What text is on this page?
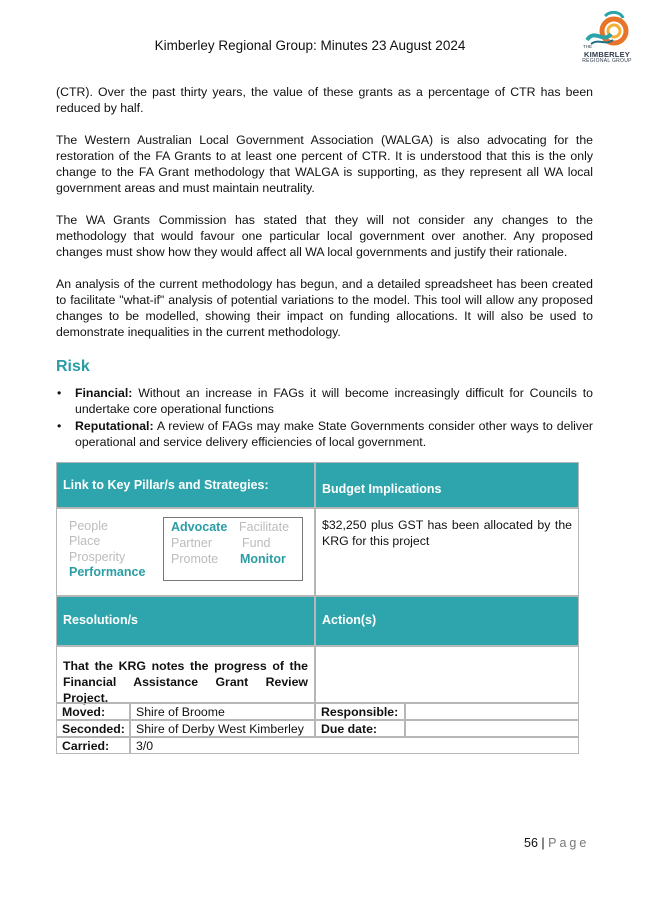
Kimberley Regional Group: Minutes 23 August 2024	THE
KIMBERLEY
REGIONAL GROUP

(CTR). Over the past thirty years, the value of these grants as a percentage of CTR has been reduced by half.

The Western Australian Local Government Association (WALGA) is also advocating for the restoration of the FA Grants to at least one percent of CTR. It is understood that this is the only change to the FA Grant methodology that WALGA is supporting, as they represent all WA local government areas and must maintain neutrality.

The WA Grants Commission has stated that they will not consider any changes to the methodology that would favour one particular local government over another. Any proposed changes must show how they would affect all WA local governments and justify their rationale.

An analysis of the current methodology has begun, and a detailed spreadsheet has been created to facilitate "what-if" analysis of potential variations to the model. This tool will allow any proposed changes to be modelled, showing their impact on funding allocations. It will also be used to demonstrate inequalities in the current methodology.

Risk
• Financial: Without an increase in FAGs it will become increasingly difficult for Councils to undertake core operational functions
• Reputational: A review of FAGs may make State Governments consider other ways to deliver operational and service delivery efficiencies of local government.
Link to Key Pillar/s and Strategies:	Budget Implications
People
Place
Prosperity
Performance
Advocate Facilitate
Partner Fund
Promote Monitor
$32,250 plus GST has been allocated by the KRG for this project
Resolution/s	Action(s)
That the KRG notes the progress of the Financial Assistance Grant Review Project.
Moved:	Shire of Broome	Responsible:
Seconded: Shire of Derby West Kimberley	Due date:
Carried:	3/0
56 | Page
